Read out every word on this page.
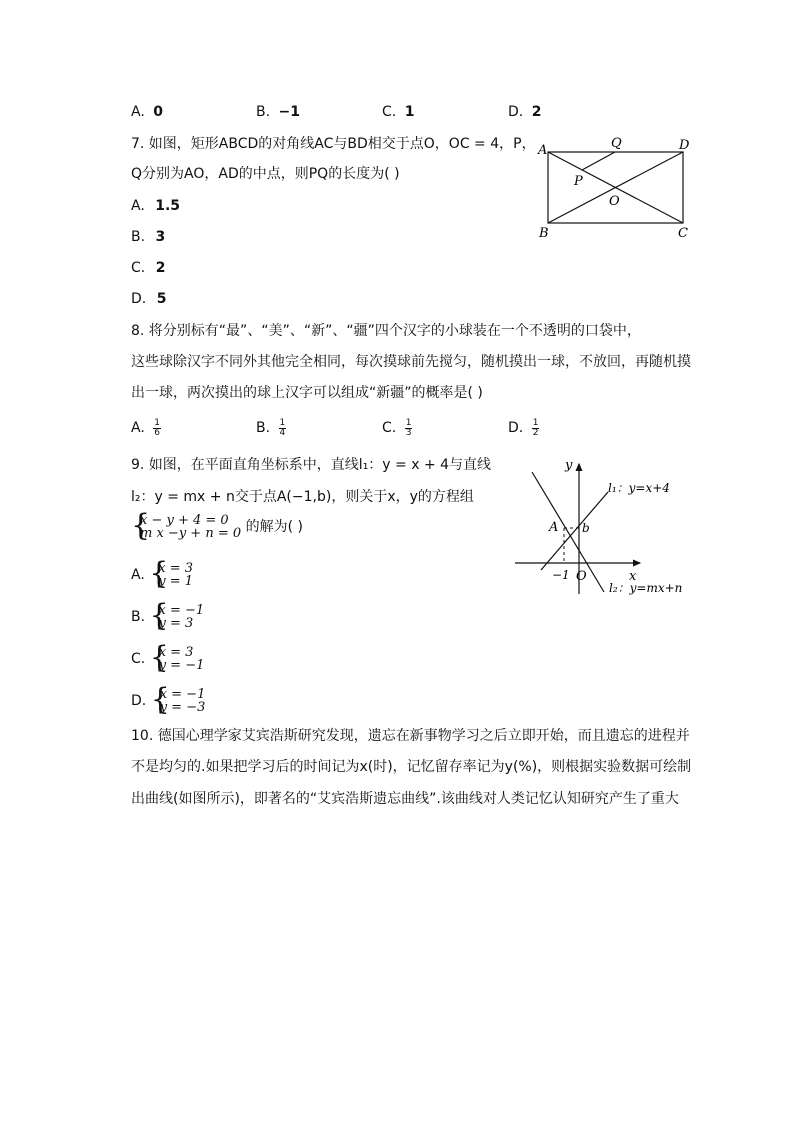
A. 0	B. −1	C. 1	D. 2
7. 如图，矩形ABCD的对角线AC与BD相交于点O，OC = 4，P，
Q分别为AO，AD的中点，则PQ的长度为( )
A. 1.5
B. 3
C. 2
D. 5
A	Q	D
P
O
B	C
8. 将分别标有“最”、“美”、“新”、“疆”四个汉字的小球装在一个不透明的口袋中，
这些球除汉字不同外其他完全相同，每次摸球前先搅匀，随机摸出一球，不放回，再随机摸
出一球，两次摸出的球上汉字可以组成“新疆”的概率是( )
A. $\frac{1}{6}$	B. $\frac{1}{4}$	C. $\frac{1}{3}$	D. $\frac{1}{2}$
9. 如图，在平面直角坐标系中，直线l₁：y = x + 4与直线
l₂：y = mx + n交于点A(−1,b)，则关于x，y的方程组
{
x − y + 4 = 0
m x −y + n = 0 的解为( )
A. {
x = 3
y = 1
B. {
x = −1
y = 3
C. {
x = 3
y = −1
D. {
x = −1
y = −3
y
x
O
A b
−1
l₁：y=x+4
l₂：y=mx+n
10. 德国心理学家艾宾浩斯研究发现，遗忘在新事物学习之后立即开始，而且遗忘的进程并
不是均匀的.如果把学习后的时间记为x(时)，记忆留存率记为y(%)，则根据实验数据可绘制
出曲线(如图所示)，即著名的“艾宾浩斯遗忘曲线”.该曲线对人类记忆认知研究产生了重大
